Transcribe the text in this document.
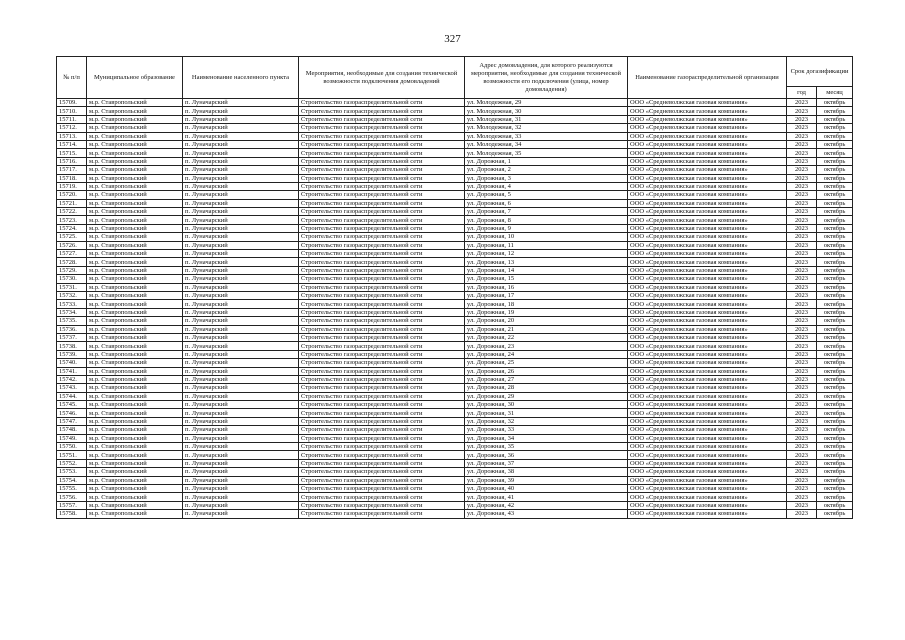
327
№ п/п	Муниципальное образование	Наименование населенного пункта	Мероприятия, необходимые для создания технической возможности подключения домовладений	Адрес домовладения, для которого реализуются мероприятия, необходимые для создания технической возможности его подключения (улица, номер домовладения)	Наименование газораспределительной организации	Срок догазификации	
						год	месяц
15709.	м.р. Ставропольский	п. Луначарский	Строительство газораспределительной сети	ул. Молодежная, 29	ООО «Средневолжская газовая компания»	2023	октябрь
15710.	м.р. Ставропольский	п. Луначарский	Строительство газораспределительной сети	ул. Молодежная, 30	ООО «Средневолжская газовая компания»	2023	октябрь
15711.	м.р. Ставропольский	п. Луначарский	Строительство газораспределительной сети	ул. Молодежная, 31	ООО «Средневолжская газовая компания»	2023	октябрь
15712.	м.р. Ставропольский	п. Луначарский	Строительство газораспределительной сети	ул. Молодежная, 32	ООО «Средневолжская газовая компания»	2023	октябрь
15713.	м.р. Ставропольский	п. Луначарский	Строительство газораспределительной сети	ул. Молодежная, 33	ООО «Средневолжская газовая компания»	2023	октябрь
15714.	м.р. Ставропольский	п. Луначарский	Строительство газораспределительной сети	ул. Молодежная, 34	ООО «Средневолжская газовая компания»	2023	октябрь
15715.	м.р. Ставропольский	п. Луначарский	Строительство газораспределительной сети	ул. Молодежная, 35	ООО «Средневолжская газовая компания»	2023	октябрь
15716.	м.р. Ставропольский	п. Луначарский	Строительство газораспределительной сети	ул. Дорожная, 1	ООО «Средневолжская газовая компания»	2023	октябрь
15717.	м.р. Ставропольский	п. Луначарский	Строительство газораспределительной сети	ул. Дорожная, 2	ООО «Средневолжская газовая компания»	2023	октябрь
15718.	м.р. Ставропольский	п. Луначарский	Строительство газораспределительной сети	ул. Дорожная, 3	ООО «Средневолжская газовая компания»	2023	октябрь
15719.	м.р. Ставропольский	п. Луначарский	Строительство газораспределительной сети	ул. Дорожная, 4	ООО «Средневолжская газовая компания»	2023	октябрь
15720.	м.р. Ставропольский	п. Луначарский	Строительство газораспределительной сети	ул. Дорожная, 5	ООО «Средневолжская газовая компания»	2023	октябрь
15721.	м.р. Ставропольский	п. Луначарский	Строительство газораспределительной сети	ул. Дорожная, 6	ООО «Средневолжская газовая компания»	2023	октябрь
15722.	м.р. Ставропольский	п. Луначарский	Строительство газораспределительной сети	ул. Дорожная, 7	ООО «Средневолжская газовая компания»	2023	октябрь
15723.	м.р. Ставропольский	п. Луначарский	Строительство газораспределительной сети	ул. Дорожная, 8	ООО «Средневолжская газовая компания»	2023	октябрь
15724.	м.р. Ставропольский	п. Луначарский	Строительство газораспределительной сети	ул. Дорожная, 9	ООО «Средневолжская газовая компания»	2023	октябрь
15725.	м.р. Ставропольский	п. Луначарский	Строительство газораспределительной сети	ул. Дорожная, 10	ООО «Средневолжская газовая компания»	2023	октябрь
15726.	м.р. Ставропольский	п. Луначарский	Строительство газораспределительной сети	ул. Дорожная, 11	ООО «Средневолжская газовая компания»	2023	октябрь
15727.	м.р. Ставропольский	п. Луначарский	Строительство газораспределительной сети	ул. Дорожная, 12	ООО «Средневолжская газовая компания»	2023	октябрь
15728.	м.р. Ставропольский	п. Луначарский	Строительство газораспределительной сети	ул. Дорожная, 13	ООО «Средневолжская газовая компания»	2023	октябрь
15729.	м.р. Ставропольский	п. Луначарский	Строительство газораспределительной сети	ул. Дорожная, 14	ООО «Средневолжская газовая компания»	2023	октябрь
15730.	м.р. Ставропольский	п. Луначарский	Строительство газораспределительной сети	ул. Дорожная, 15	ООО «Средневолжская газовая компания»	2023	октябрь
15731.	м.р. Ставропольский	п. Луначарский	Строительство газораспределительной сети	ул. Дорожная, 16	ООО «Средневолжская газовая компания»	2023	октябрь
15732.	м.р. Ставропольский	п. Луначарский	Строительство газораспределительной сети	ул. Дорожная, 17	ООО «Средневолжская газовая компания»	2023	октябрь
15733.	м.р. Ставропольский	п. Луначарский	Строительство газораспределительной сети	ул. Дорожная, 18	ООО «Средневолжская газовая компания»	2023	октябрь
15734.	м.р. Ставропольский	п. Луначарский	Строительство газораспределительной сети	ул. Дорожная, 19	ООО «Средневолжская газовая компания»	2023	октябрь
15735.	м.р. Ставропольский	п. Луначарский	Строительство газораспределительной сети	ул. Дорожная, 20	ООО «Средневолжская газовая компания»	2023	октябрь
15736.	м.р. Ставропольский	п. Луначарский	Строительство газораспределительной сети	ул. Дорожная, 21	ООО «Средневолжская газовая компания»	2023	октябрь
15737.	м.р. Ставропольский	п. Луначарский	Строительство газораспределительной сети	ул. Дорожная, 22	ООО «Средневолжская газовая компания»	2023	октябрь
15738.	м.р. Ставропольский	п. Луначарский	Строительство газораспределительной сети	ул. Дорожная, 23	ООО «Средневолжская газовая компания»	2023	октябрь
15739.	м.р. Ставропольский	п. Луначарский	Строительство газораспределительной сети	ул. Дорожная, 24	ООО «Средневолжская газовая компания»	2023	октябрь
15740.	м.р. Ставропольский	п. Луначарский	Строительство газораспределительной сети	ул. Дорожная, 25	ООО «Средневолжская газовая компания»	2023	октябрь
15741.	м.р. Ставропольский	п. Луначарский	Строительство газораспределительной сети	ул. Дорожная, 26	ООО «Средневолжская газовая компания»	2023	октябрь
15742.	м.р. Ставропольский	п. Луначарский	Строительство газораспределительной сети	ул. Дорожная, 27	ООО «Средневолжская газовая компания»	2023	октябрь
15743.	м.р. Ставропольский	п. Луначарский	Строительство газораспределительной сети	ул. Дорожная, 28	ООО «Средневолжская газовая компания»	2023	октябрь
15744.	м.р. Ставропольский	п. Луначарский	Строительство газораспределительной сети	ул. Дорожная, 29	ООО «Средневолжская газовая компания»	2023	октябрь
15745.	м.р. Ставропольский	п. Луначарский	Строительство газораспределительной сети	ул. Дорожная, 30	ООО «Средневолжская газовая компания»	2023	октябрь
15746.	м.р. Ставропольский	п. Луначарский	Строительство газораспределительной сети	ул. Дорожная, 31	ООО «Средневолжская газовая компания»	2023	октябрь
15747.	м.р. Ставропольский	п. Луначарский	Строительство газораспределительной сети	ул. Дорожная, 32	ООО «Средневолжская газовая компания»	2023	октябрь
15748.	м.р. Ставропольский	п. Луначарский	Строительство газораспределительной сети	ул. Дорожная, 33	ООО «Средневолжская газовая компания»	2023	октябрь
15749.	м.р. Ставропольский	п. Луначарский	Строительство газораспределительной сети	ул. Дорожная, 34	ООО «Средневолжская газовая компания»	2023	октябрь
15750.	м.р. Ставропольский	п. Луначарский	Строительство газораспределительной сети	ул. Дорожная, 35	ООО «Средневолжская газовая компания»	2023	октябрь
15751.	м.р. Ставропольский	п. Луначарский	Строительство газораспределительной сети	ул. Дорожная, 36	ООО «Средневолжская газовая компания»	2023	октябрь
15752.	м.р. Ставропольский	п. Луначарский	Строительство газораспределительной сети	ул. Дорожная, 37	ООО «Средневолжская газовая компания»	2023	октябрь
15753.	м.р. Ставропольский	п. Луначарский	Строительство газораспределительной сети	ул. Дорожная, 38	ООО «Средневолжская газовая компания»	2023	октябрь
15754.	м.р. Ставропольский	п. Луначарский	Строительство газораспределительной сети	ул. Дорожная, 39	ООО «Средневолжская газовая компания»	2023	октябрь
15755.	м.р. Ставропольский	п. Луначарский	Строительство газораспределительной сети	ул. Дорожная, 40	ООО «Средневолжская газовая компания»	2023	октябрь
15756.	м.р. Ставропольский	п. Луначарский	Строительство газораспределительной сети	ул. Дорожная, 41	ООО «Средневолжская газовая компания»	2023	октябрь
15757.	м.р. Ставропольский	п. Луначарский	Строительство газораспределительной сети	ул. Дорожная, 42	ООО «Средневолжская газовая компания»	2023	октябрь
15758.	м.р. Ставропольский	п. Луначарский	Строительство газораспределительной сети	ул. Дорожная, 43	ООО «Средневолжская газовая компания»	2023	октябрь
